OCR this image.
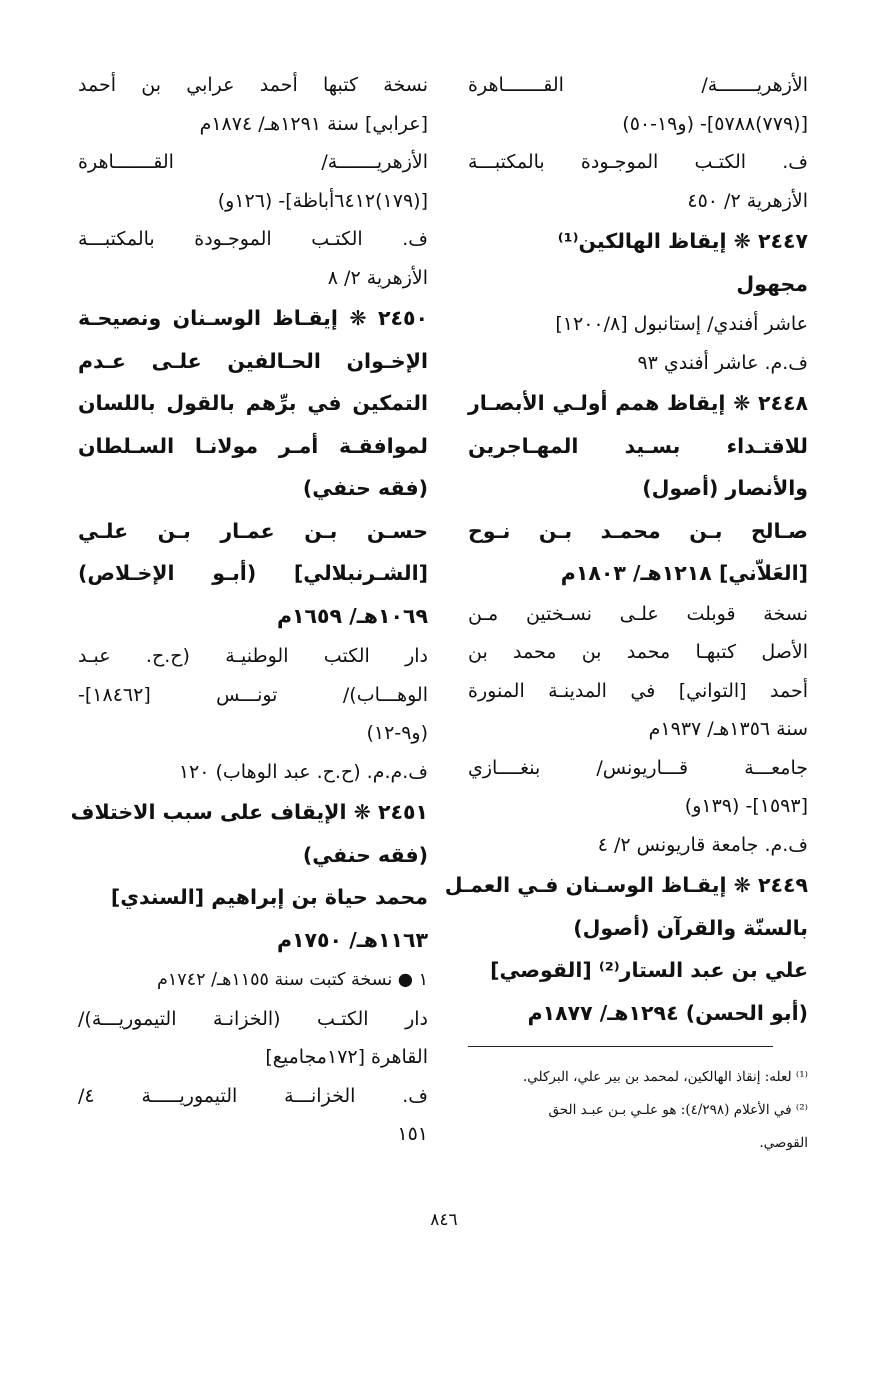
الأزهريـــــــة/ القـــــــاهرة
[(٧٧٩)٥٧٨٨]- (و١٩-٥٠)
ف. الكتـب الموجـودة بالمكتبـــة
الأزهرية ٢/ ٤٥٠
٢٤٤٧ ❋ إيقاظ الهالكين⁽¹⁾
مجهول
عاشر أفندي/ إستانبول [١٢٠٠/٨]
ف.م. عاشر أفندي ٩٣
٢٤٤٨ ❋ إيقاظ همم أولـي الأبصـار
للاقتـداء بسـيد المهـاجرين
والأنصار (أصول)
صـالح بـن محمـد بـن نـوح
[العَلاّني] ١٢١٨هـ/ ١٨٠٣م
نسخة قوبلت علـى نسـختين مـن
الأصل كتبهـا محمد بن محمد بن
أحمد [التواني] في المدينـة المنورة
سنة ١٣٥٦هـ/ ١٩٣٧م
جامعـــة قـــاريونس/ بنغــــازي
[١٥٩٣]- (١٣٩و)
ف.م. جامعة قاريونس ٢/ ٤
٢٤٤٩ ❋ إيقـاظ الوسـنان فـي العمـل
بالسنّة والقرآن (أصول)
علي بن عبد الستار⁽²⁾ [القوصي]
(أبو الحسن) ١٢٩٤هـ/ ١٨٧٧م
نسخة كتبها أحمد عرابي بن أحمد
[عرابي] سنة ١٢٩١هـ/ ١٨٧٤م
الأزهريـــــــة/ القـــــــاهرة
[(١٧٩)٦٤١٢أباظة]- (١٢٦و)
ف. الكتـب الموجـودة بالمكتبـــة
الأزهرية ٢/ ٨
٢٤٥٠ ❋ إيقـاظ الوسـنان ونصيحـة
الإخـوان الحـالفين علـى عـدم
التمكين في برِّهم بالقول باللسان
لموافقـة أمـر مولانـا السـلطان
(فقه حنفي)
حسـن بـن عمـار بـن علـي
[الشـرنبلالي] (أبـو الإخـلاص)
١٠٦٩هـ/ ١٦٥٩م
دار الكتب الوطنيـة (ح.ح. عبـد
الوهـــاب)/ تونـــس [١٨٤٦٢]-
(و٩-١٢)
ف.م.م. (ح.ح. عبد الوهاب) ١٢٠
٢٤٥١ ❋ الإيقاف على سبب الاختلاف
(فقه حنفي)
محمد حياة بن إبراهيم [السندي]
١١٦٣هـ/ ١٧٥٠م
١ ● نسخة كتبت سنة ١١٥٥هـ/ ١٧٤٢م
دار الكتـب (الخزانـة التيموريـــة)/
القاهرة [١٧٢مجاميع]
ف. الخزانـــة التيموريـــــة ٤/
١٥١
⁽¹⁾ لعله: إنقاذ الهالكين، لمحمد بن بير علي، البركلي.
⁽²⁾ في الأعلام (٤/٢٩٨): هو علـي بـن عبـد الحق
القوصي.
٨٤٦
